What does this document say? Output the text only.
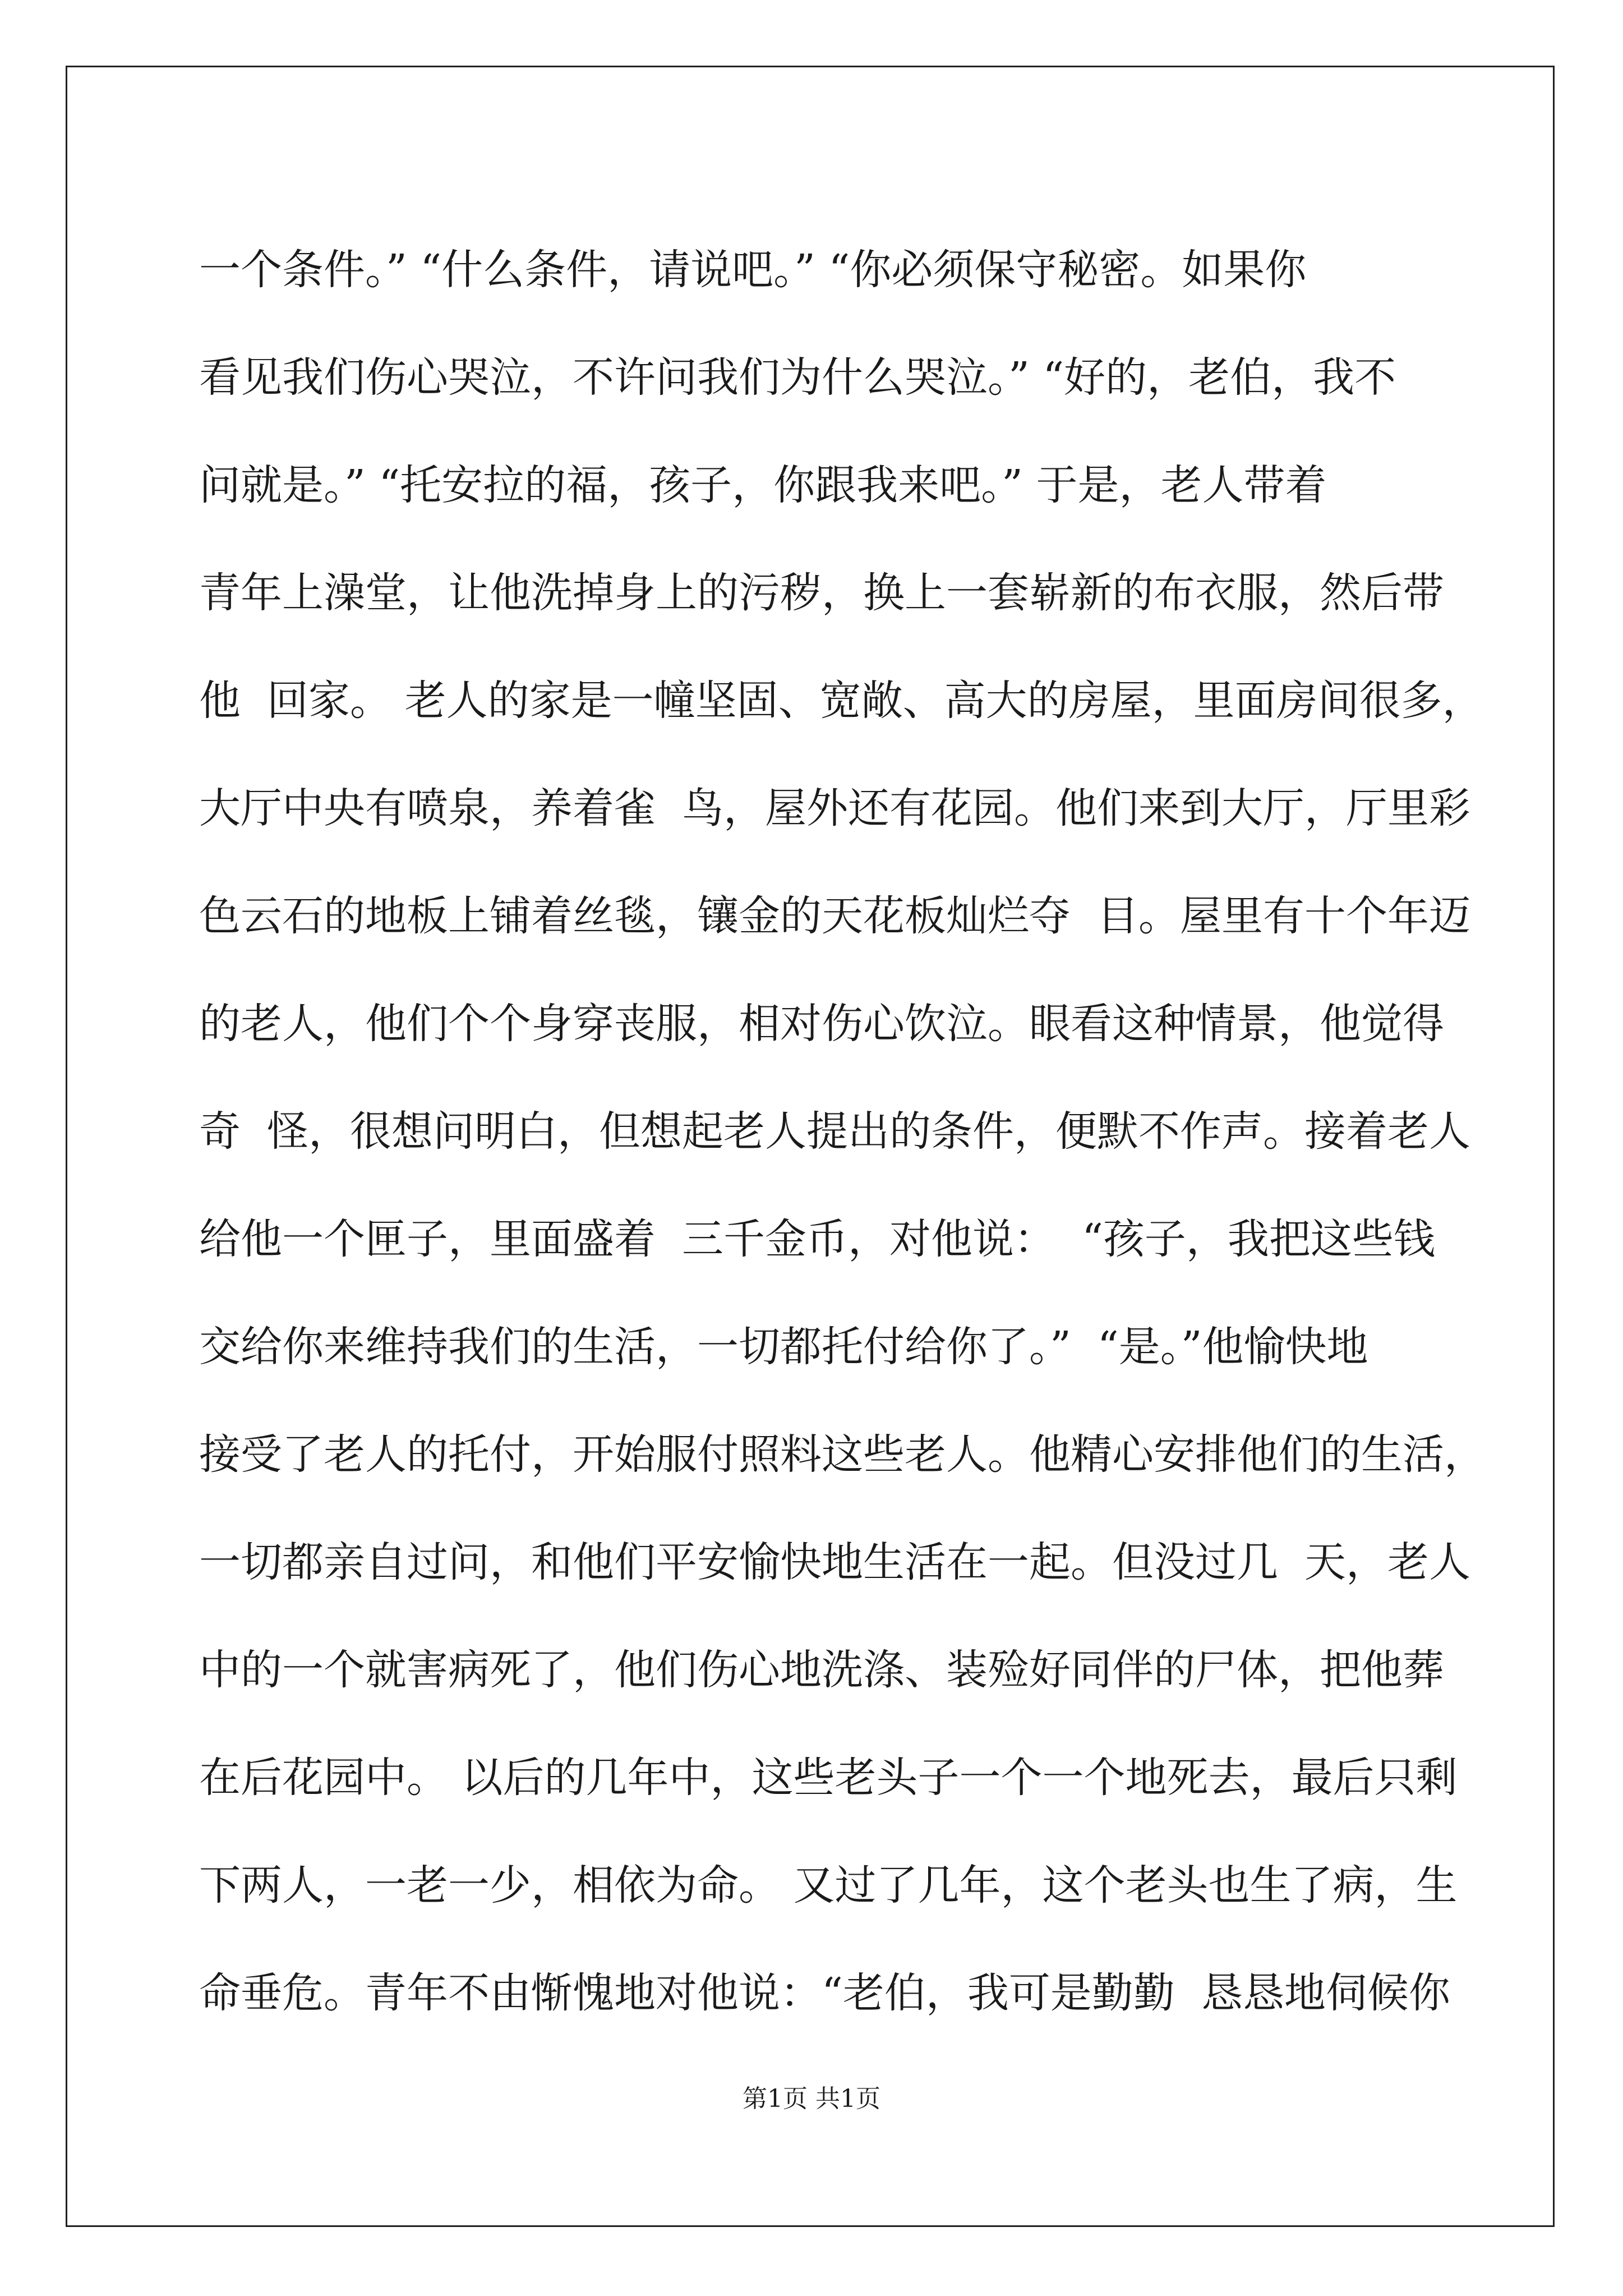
一个条件。” “什么条件，请说吧。” “你必须保守秘密。如果你
看见我们伤心哭泣，不许问我们为什么哭泣。” “好的，老伯，我不
问就是。” “托安拉的福，孩子，你跟我来吧。” 于是，老人带着
青年上澡堂，让他洗掉身上的污秽，换上一套崭新的布衣服，然后带
他  回家。 老人的家是一幢坚固、宽敞、高大的房屋，里面房间很多，
大厅中央有喷泉，养着雀  鸟，屋外还有花园。他们来到大厅，厅里彩
色云石的地板上铺着丝毯，镶金的天花板灿烂夺  目。屋里有十个年迈
的老人，他们个个身穿丧服，相对伤心饮泣。眼看这种情景，他觉得
奇  怪，很想问明白，但想起老人提出的条件，便默不作声。接着老人
给他一个匣子，里面盛着  三千金币，对他说：  “孩子，我把这些钱
交给你来维持我们的生活，一切都托付给你了。”  “是。”他愉快地
接受了老人的托付，开始服付照料这些老人。他精心安排他们的生活，
一切都亲自过问，和他们平安愉快地生活在一起。但没过几  天，老人
中的一个就害病死了，他们伤心地洗涤、装殓好同伴的尸体，把他葬
在后花园中。 以后的几年中，这些老头子一个一个地死去，最后只剩
下两人，一老一少，相依为命。 又过了几年，这个老头也生了病，生
命垂危。青年不由惭愧地对他说：“老伯，我可是勤勤  恳恳地伺候你
第1页 共1页
